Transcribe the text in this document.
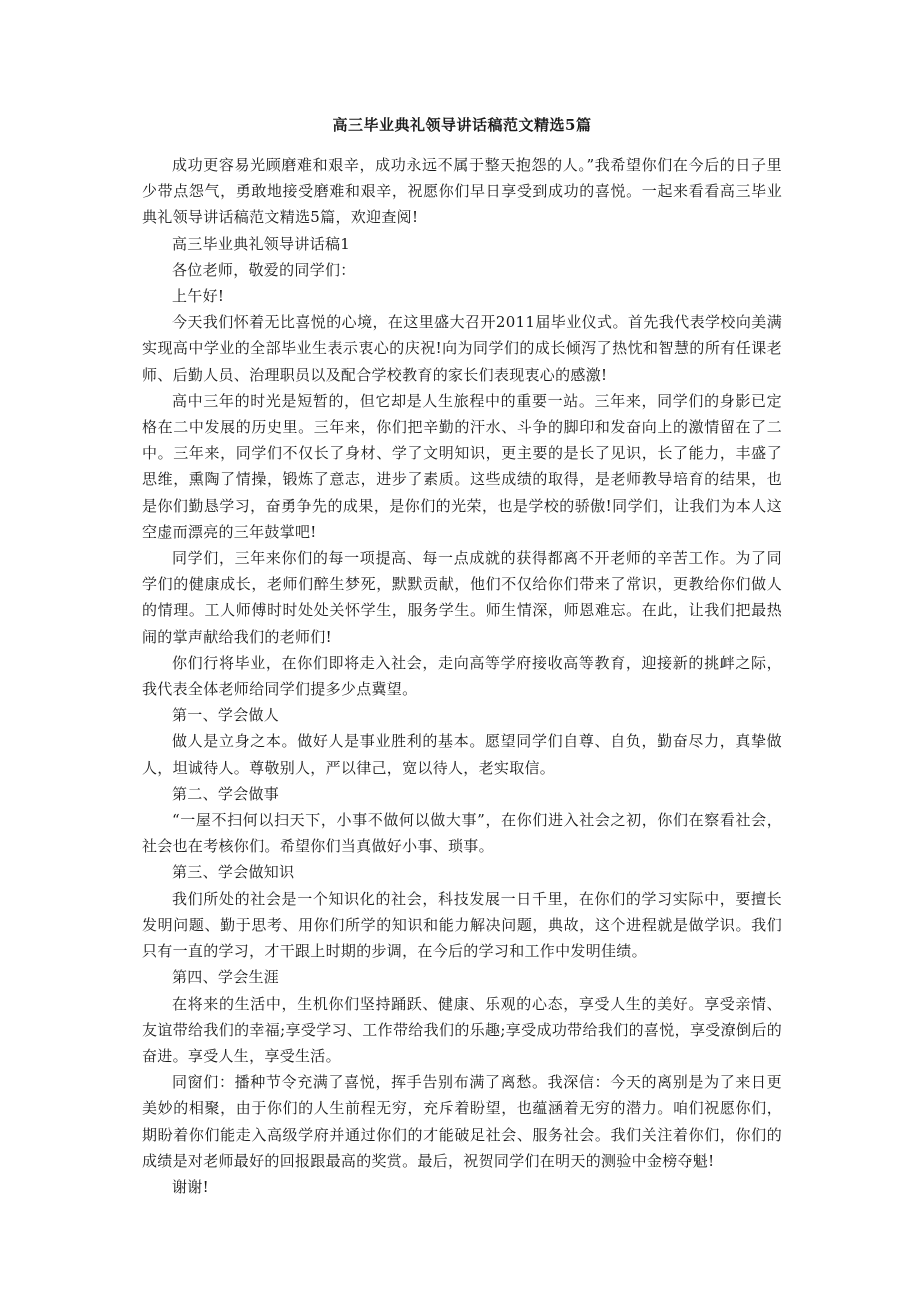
高三毕业典礼领导讲话稿范文精选5篇

成功更容易光顾磨难和艰辛，成功永远不属于整天抱怨的人。”我希望你们在今后的日子里少带点怨气，勇敢地接受磨难和艰辛，祝愿你们早日享受到成功的喜悦。一起来看看高三毕业典礼领导讲话稿范文精选5篇，欢迎查阅!

高三毕业典礼领导讲话稿1

各位老师，敬爱的同学们：

上午好!

今天我们怀着无比喜悦的心境，在这里盛大召开2011届毕业仪式。首先我代表学校向美满实现高中学业的全部毕业生表示衷心的庆祝!向为同学们的成长倾泻了热忱和智慧的所有任课老师、后勤人员、治理职员以及配合学校教育的家长们表现衷心的感激!

高中三年的时光是短暂的，但它却是人生旅程中的重要一站。三年来，同学们的身影已定格在二中发展的历史里。三年来，你们把辛勤的汗水、斗争的脚印和发奋向上的激情留在了二中。三年来，同学们不仅长了身材、学了文明知识，更主要的是长了见识，长了能力，丰盛了思维，熏陶了情操，锻炼了意志，进步了素质。这些成绩的取得，是老师教导培育的结果，也是你们勤恳学习，奋勇争先的成果，是你们的光荣，也是学校的骄傲!同学们，让我们为本人这空虚而漂亮的三年鼓掌吧!

同学们，三年来你们的每一项提高、每一点成就的获得都离不开老师的辛苦工作。为了同学们的健康成长，老师们醉生梦死，默默贡献，他们不仅给你们带来了常识，更教给你们做人的情理。工人师傅时时处处关怀学生，服务学生。师生情深，师恩难忘。在此，让我们把最热闹的掌声献给我们的老师们!

你们行将毕业，在你们即将走入社会，走向高等学府接收高等教育，迎接新的挑衅之际，我代表全体老师给同学们提多少点冀望。

第一、学会做人

做人是立身之本。做好人是事业胜利的基本。愿望同学们自尊、自负，勤奋尽力，真挚做人，坦诚待人。尊敬别人，严以律己，宽以待人，老实取信。

第二、学会做事

“一屋不扫何以扫天下，小事不做何以做大事”，在你们进入社会之初，你们在察看社会，社会也在考核你们。希望你们当真做好小事、琐事。

第三、学会做知识

我们所处的社会是一个知识化的社会，科技发展一日千里，在你们的学习实际中，要擅长发明问题、勤于思考、用你们所学的知识和能力解决问题，典故，这个进程就是做学识。我们只有一直的学习，才干跟上时期的步调，在今后的学习和工作中发明佳绩。

第四、学会生涯

在将来的生活中，生机你们坚持踊跃、健康、乐观的心态，享受人生的美好。享受亲情、友谊带给我们的幸福;享受学习、工作带给我们的乐趣;享受成功带给我们的喜悦，享受潦倒后的奋进。享受人生，享受生活。

同窗们：播种节令充满了喜悦，挥手告别布满了离愁。我深信：今天的离别是为了来日更美妙的相聚，由于你们的人生前程无穷，充斥着盼望，也蕴涵着无穷的潜力。咱们祝愿你们，期盼着你们能走入高级学府并通过你们的才能破足社会、服务社会。我们关注着你们，你们的成绩是对老师最好的回报跟最高的奖赏。最后，祝贺同学们在明天的测验中金榜夺魁!

谢谢!
